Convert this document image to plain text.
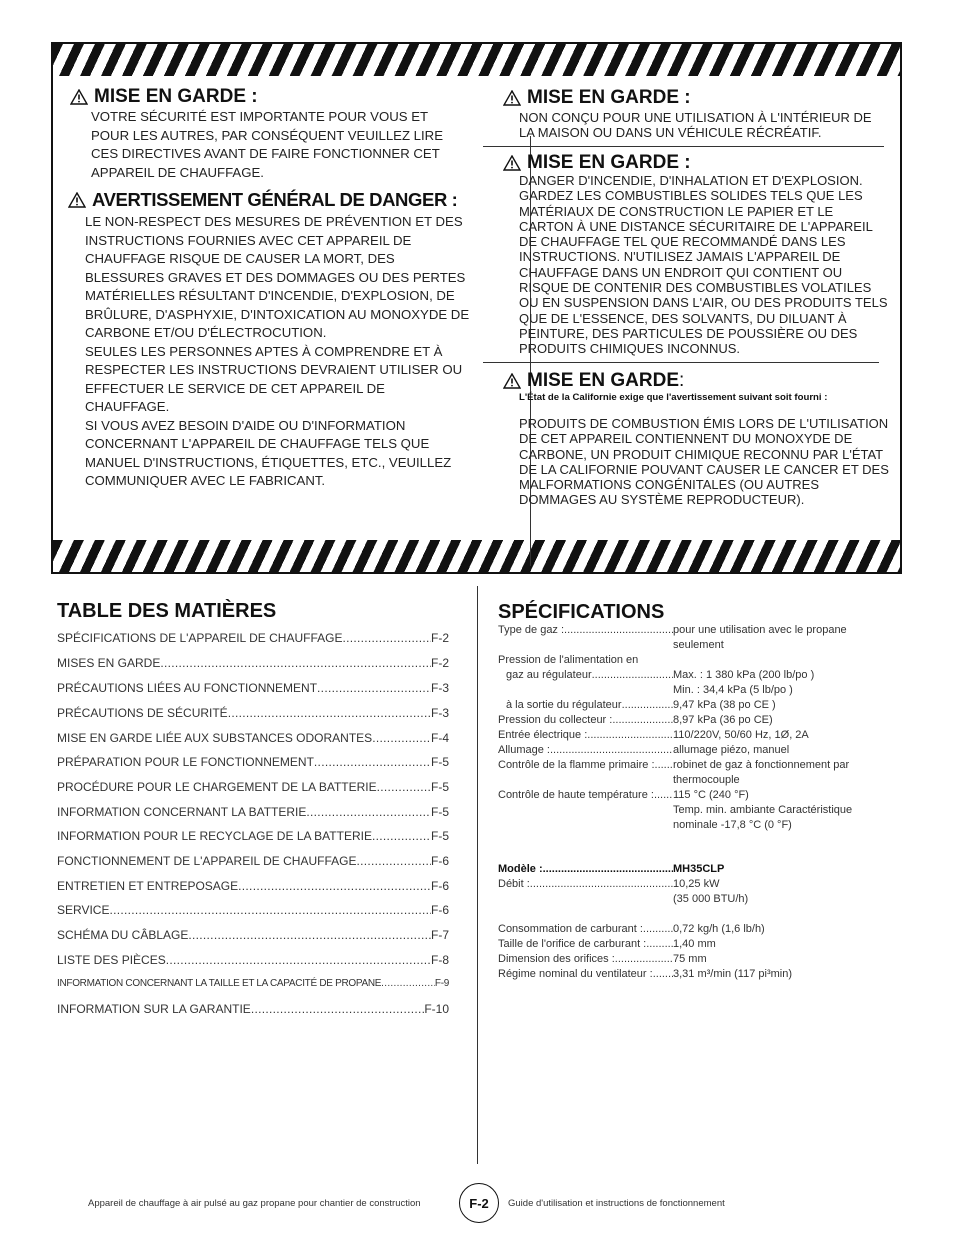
MISE EN GARDE :
VOTRE SÉCURITÉ EST IMPORTANTE POUR VOUS ET POUR LES AUTRES, PAR CONSÉQUENT VEUILLEZ LIRE CES DIRECTIVES AVANT DE FAIRE FONCTIONNER CET APPAREIL DE CHAUFFAGE.
AVERTISSEMENT GÉNÉRAL DE DANGER :
LE NON-RESPECT DES MESURES DE PRÉVENTION ET DES INSTRUCTIONS FOURNIES AVEC CET APPAREIL DE CHAUFFAGE RISQUE DE CAUSER LA MORT, DES BLESSURES GRAVES ET DES DOMMAGES OU DES PERTES MATÉRIELLES RÉSULTANT D'INCENDIE, D'EXPLOSION, DE BRÛLURE, D'ASPHYXIE, D'INTOXICATION AU MONOXYDE DE CARBONE ET/OU D'ÉLECTROCUTION.
SEULES LES PERSONNES APTES À COMPRENDRE ET À RESPECTER LES INSTRUCTIONS DEVRAIENT UTILISER OU EFFECTUER LE SERVICE DE CET APPAREIL DE CHAUFFAGE.
SI VOUS AVEZ BESOIN D'AIDE OU D'INFORMATION CONCERNANT L'APPAREIL DE CHAUFFAGE TELS QUE MANUEL D'INSTRUCTIONS, ÉTIQUETTES, ETC., VEUILLEZ COMMUNIQUER AVEC LE FABRICANT.
MISE EN GARDE :
NON CONÇU POUR UNE UTILISATION À L'INTÉRIEUR DE LA MAISON OU DANS UN VÉHICULE RÉCRÉATIF.
MISE EN GARDE :
DANGER D'INCENDIE, D'INHALATION ET D'EXPLOSION. GARDEZ LES COMBUSTIBLES SOLIDES TELS QUE LES MATÉRIAUX DE CONSTRUCTION LE PAPIER ET LE CARTON À UNE DISTANCE SÉCURITAIRE DE L'APPAREIL DE CHAUFFAGE TEL QUE RECOMMANDÉ DANS LES INSTRUCTIONS. N'UTILISEZ JAMAIS L'APPAREIL DE CHAUFFAGE DANS UN ENDROIT QUI CONTIENT OU RISQUE DE CONTENIR DES COMBUSTIBLES VOLATILES OU EN SUSPENSION DANS L'AIR, OU DES PRODUITS TELS QUE DE L'ESSENCE, DES SOLVANTS, DU DILUANT À PEINTURE, DES PARTICULES DE POUSSIÈRE OU DES PRODUITS CHIMIQUES INCONNUS.
MISE EN GARDE :
L'État de la Californie exige que l'avertissement suivant soit fourni :
PRODUITS DE COMBUSTION ÉMIS LORS DE L'UTILISATION DE CET APPAREIL CONTIENNENT DU MONOXYDE DE CARBONE, UN PRODUIT CHIMIQUE RECONNU PAR L'ÉTAT DE LA CALIFORNIE POUVANT CAUSER LE CANCER ET DES MALFORMATIONS CONGÉNITALES (OU AUTRES DOMMAGES AU SYSTÈME REPRODUCTEUR).
TABLE DES MATIÈRES
SPÉCIFICATIONS DE L'APPAREIL DE CHAUFFAGE .....	F-2
MISES EN GARDE .....	F-2
PRÉCAUTIONS LIÉES AU FONCTIONNEMENT .....	F-3
PRÉCAUTIONS DE SÉCURITÉ .....	F-3
MISE EN GARDE LIÉE AUX SUBSTANCES ODORANTES .....	F-4
PRÉPARATION POUR LE FONCTIONNEMENT .....	F-5
PROCÉDURE POUR LE CHARGEMENT DE LA BATTERIE .....	F-5
INFORMATION CONCERNANT LA BATTERIE .....	F-5
INFORMATION POUR LE RECYCLAGE DE LA BATTERIE .....	F-5
FONCTIONNEMENT DE L'APPAREIL DE CHAUFFAGE .....	F-6
ENTRETIEN ET ENTREPOSAGE .....	F-6
SERVICE .....	F-6
SCHÉMA DU CÂBLAGE .....	F-7
LISTE DES PIÈCES .....	F-8
INFORMATION CONCERNANT LA TAILLE ET LA CAPACITÉ DE PROPANE .....	F-9
INFORMATION SUR LA GARANTIE .....	F-10
SPÉCIFICATIONS
Type de gaz : .....	pour une utilisation avec le propane
seulement
Pression de l'alimentation en
gaz au régulateur .....	Max. : 1 380 kPa (200 lb/po )
Min. : 34,4 kPa (5 lb/po )
à la sortie du régulateur .....	9,47 kPa (38 po CE )
Pression du collecteur : .....	8,97 kPa (36 po CE)
Entrée électrique : .....	110/220V, 50/60 Hz, 1Ø, 2A
Allumage : .....	allumage piézo, manuel
Contrôle de la flamme primaire : ..... robinet de gaz à fonctionnement par
thermocouple
Contrôle de haute température : ..... 115 °C (240 °F)
Temp. min. ambiante Caractéristique
nominale -17,8 °C (0 °F)
Modèle : .....	MH35CLP
Débit : .....	10,25 kW
(35 000 BTU/h)
Consommation de carburant : .....	0,72 kg/h (1,6 lb/h)
Taille de l'orifice de carburant : ..... 1,40 mm
Dimension des orifices : .....	75 mm
Régime nominal du ventilateur : ..... 3,31 m³/min (117 pi³min)
Appareil de chauffage à air pulsé au gaz propane pour chantier de construction	F-2 Guide d'utilisation et instructions de fonctionnement
